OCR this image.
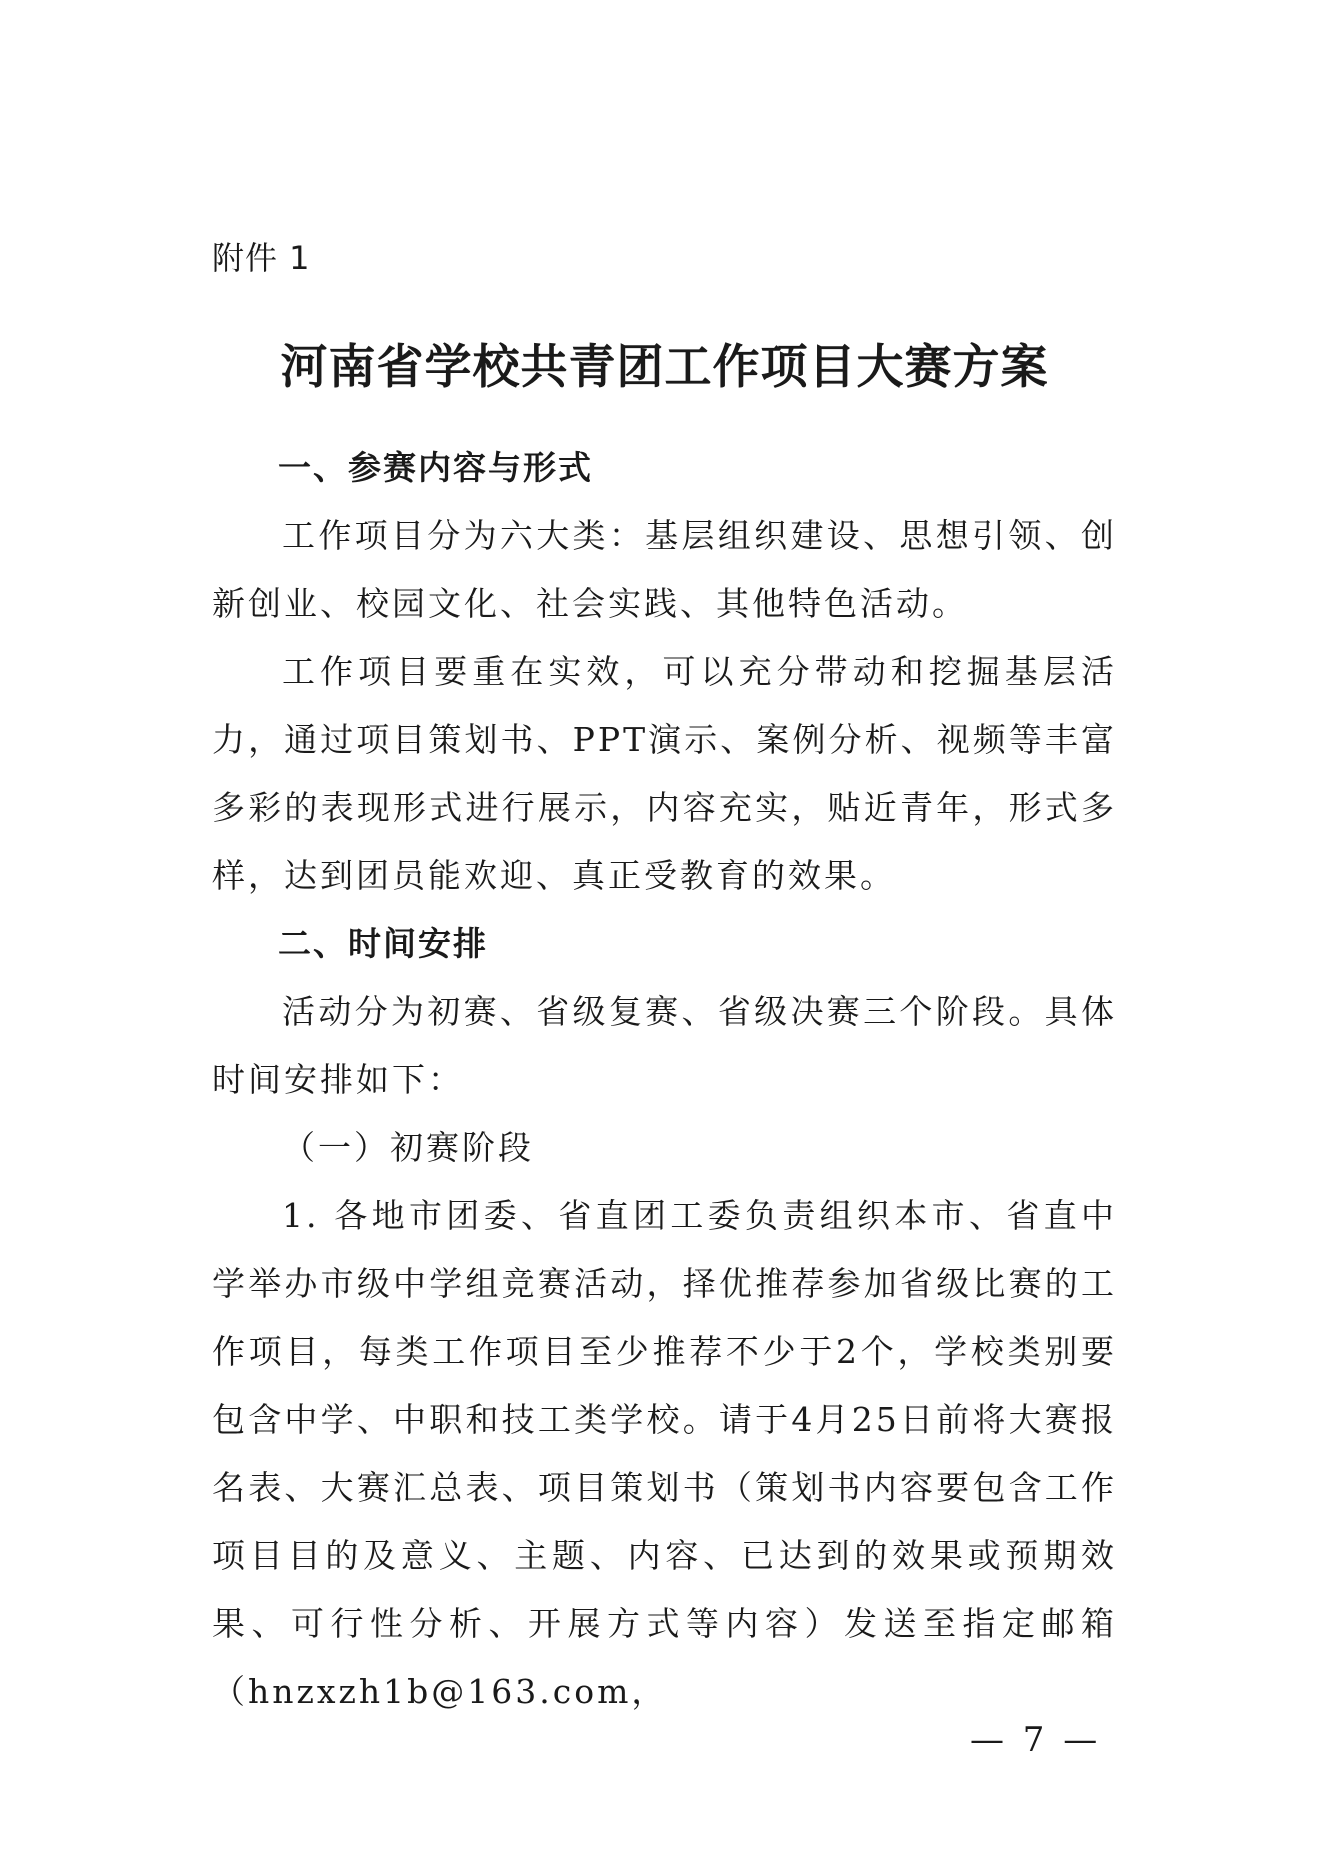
附件 1
河南省学校共青团工作项目大赛方案

一、参赛内容与形式

工作项目分为六大类：基层组织建设、思想引领、创新创业、校园文化、社会实践、其他特色活动。

工作项目要重在实效，可以充分带动和挖掘基层活力，通过项目策划书、PPT演示、案例分析、视频等丰富多彩的表现形式进行展示，内容充实，贴近青年，形式多样，达到团员能欢迎、真正受教育的效果。

二、时间安排

活动分为初赛、省级复赛、省级决赛三个阶段。具体时间安排如下：

（一）初赛阶段

1. 各地市团委、省直团工委负责组织本市、省直中学举办市级中学组竞赛活动，择优推荐参加省级比赛的工作项目，每类工作项目至少推荐不少于2个，学校类别要包含中学、中职和技工类学校。请于4月25日前将大赛报名表、大赛汇总表、项目策划书（策划书内容要包含工作项目目的及意义、主题、内容、已达到的效果或预期效果、可行性分析、开展方式等内容）发送至指定邮箱（hnzxzh1b@163.com，

— 7 —
